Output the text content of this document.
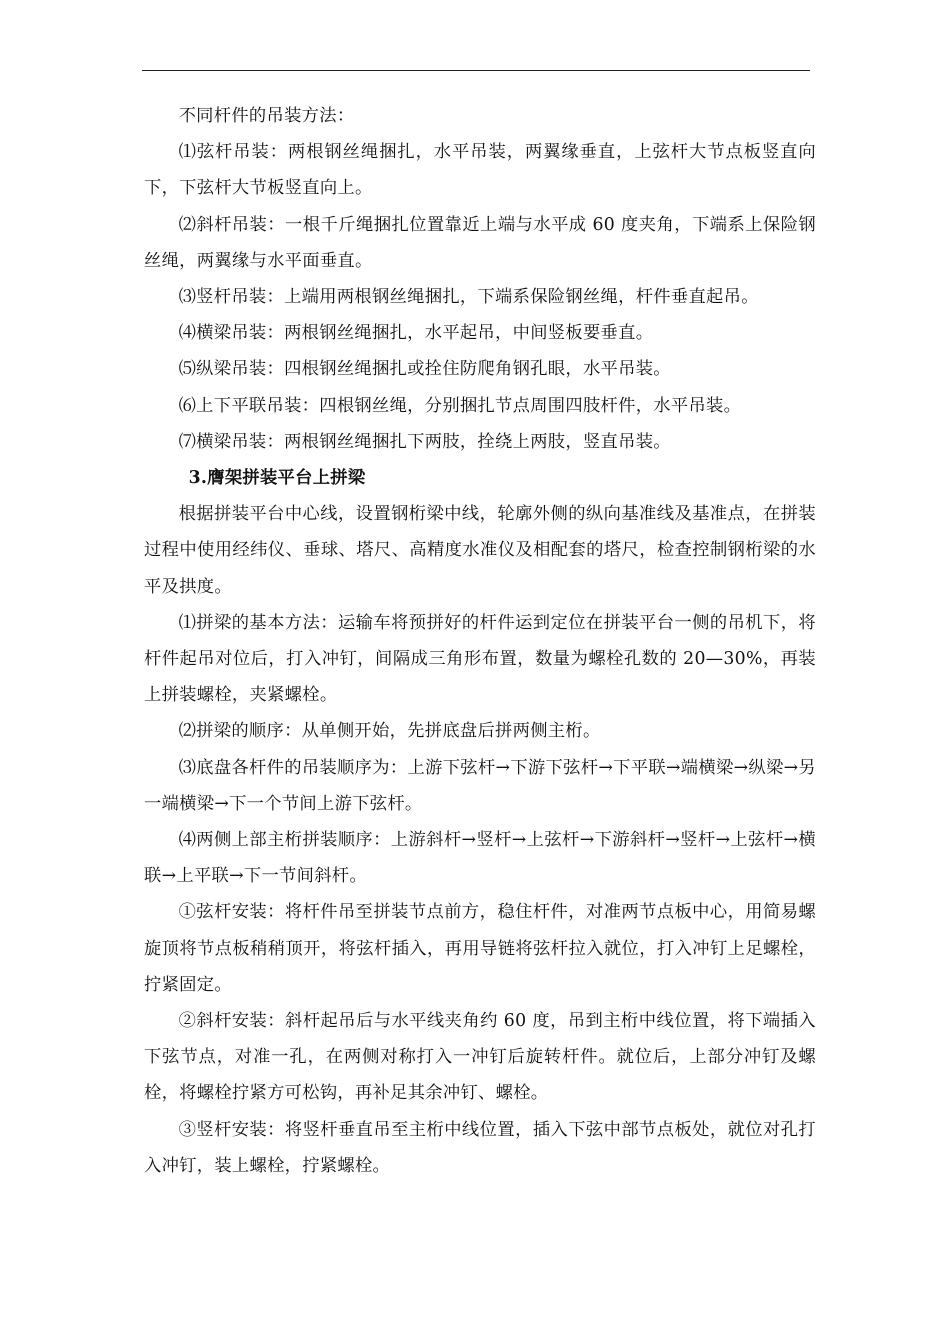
不同杆件的吊装方法：

⑴弦杆吊装：两根钢丝绳捆扎，水平吊装，两翼缘垂直，上弦杆大节点板竖直向下，下弦杆大节板竖直向上。

⑵斜杆吊装：一根千斤绳捆扎位置靠近上端与水平成 60 度夹角，下端系上保险钢丝绳，两翼缘与水平面垂直。

⑶竖杆吊装：上端用两根钢丝绳捆扎，下端系保险钢丝绳，杆件垂直起吊。

⑷横梁吊装：两根钢丝绳捆扎，水平起吊，中间竖板要垂直。

⑸纵梁吊装：四根钢丝绳捆扎或拴住防爬角钢孔眼，水平吊装。

⑹上下平联吊装：四根钢丝绳，分别捆扎节点周围四肢杆件，水平吊装。

⑺横梁吊装：两根钢丝绳捆扎下两肢，拴绕上两肢，竖直吊装。

3.膺架拼装平台上拼梁

根据拼装平台中心线，设置钢桁梁中线，轮廓外侧的纵向基准线及基准点，在拼装过程中使用经纬仪、垂球、塔尺、高精度水准仪及相配套的塔尺，检查控制钢桁梁的水平及拱度。

⑴拼梁的基本方法：运输车将预拼好的杆件运到定位在拼装平台一侧的吊机下，将杆件起吊对位后，打入冲钉，间隔成三角形布置，数量为螺栓孔数的 20—30%，再装上拼装螺栓，夹紧螺栓。

⑵拼梁的顺序：从单侧开始，先拼底盘后拼两侧主桁。

⑶底盘各杆件的吊装顺序为：上游下弦杆→下游下弦杆→下平联→端横梁→纵梁→另一端横梁→下一个节间上游下弦杆。

⑷两侧上部主桁拼装顺序：上游斜杆→竖杆→上弦杆→下游斜杆→竖杆→上弦杆→横联→上平联→下一节间斜杆。

①弦杆安装：将杆件吊至拼装节点前方，稳住杆件，对准两节点板中心，用简易螺旋顶将节点板稍稍顶开，将弦杆插入，再用导链将弦杆拉入就位，打入冲钉上足螺栓，拧紧固定。

②斜杆安装：斜杆起吊后与水平线夹角约 60 度，吊到主桁中线位置，将下端插入下弦节点，对准一孔，在两侧对称打入一冲钉后旋转杆件。就位后，上部分冲钉及螺栓，将螺栓拧紧方可松钩，再补足其余冲钉、螺栓。

③竖杆安装：将竖杆垂直吊至主桁中线位置，插入下弦中部节点板处，就位对孔打入冲钉，装上螺栓，拧紧螺栓。
